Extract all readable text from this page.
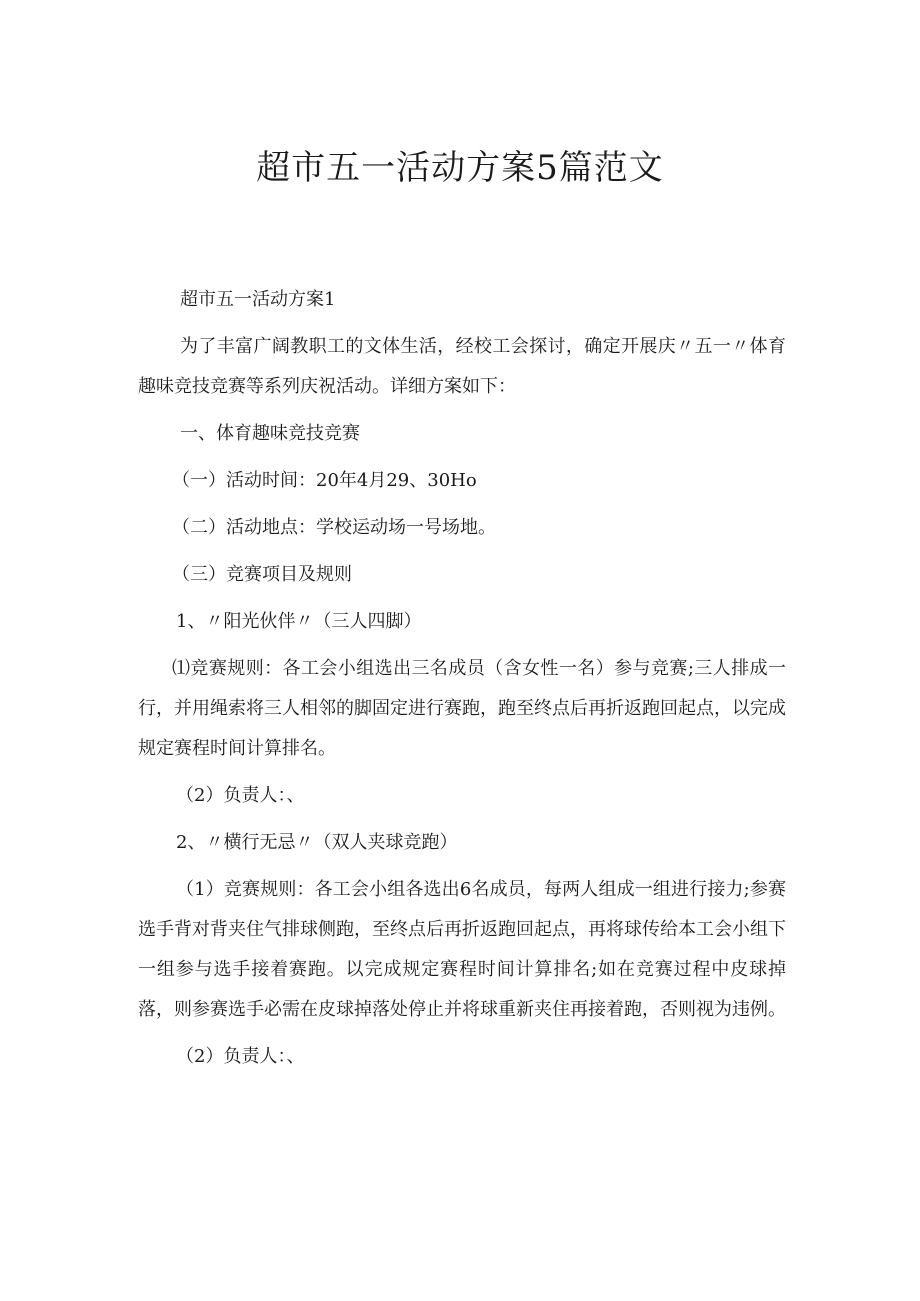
超市五一活动方案5篇范文

超市五一活动方案1

为了丰富广阔教职工的文体生活，经校工会探讨，确定开展庆〃五一〃体育趣味竞技竞赛等系列庆祝活动。详细方案如下：

一、体育趣味竞技竞赛

（一）活动时间：20年4月29、30Ho

（二）活动地点：学校运动场一号场地。

（三）竞赛项目及规则

1、〃阳光伙伴〃（三人四脚）

⑴竞赛规则：各工会小组选出三名成员（含女性一名）参与竞赛;三人排成一行，并用绳索将三人相邻的脚固定进行赛跑，跑至终点后再折返跑回起点，以完成规定赛程时间计算排名。

（2）负责人：、

2、〃横行无忌〃（双人夹球竞跑）

（1）竞赛规则：各工会小组各选出6名成员，每两人组成一组进行接力;参赛选手背对背夹住气排球侧跑，至终点后再折返跑回起点，再将球传给本工会小组下一组参与选手接着赛跑。以完成规定赛程时间计算排名;如在竞赛过程中皮球掉落，则参赛选手必需在皮球掉落处停止并将球重新夹住再接着跑，否则视为违例。

（2）负责人：、
